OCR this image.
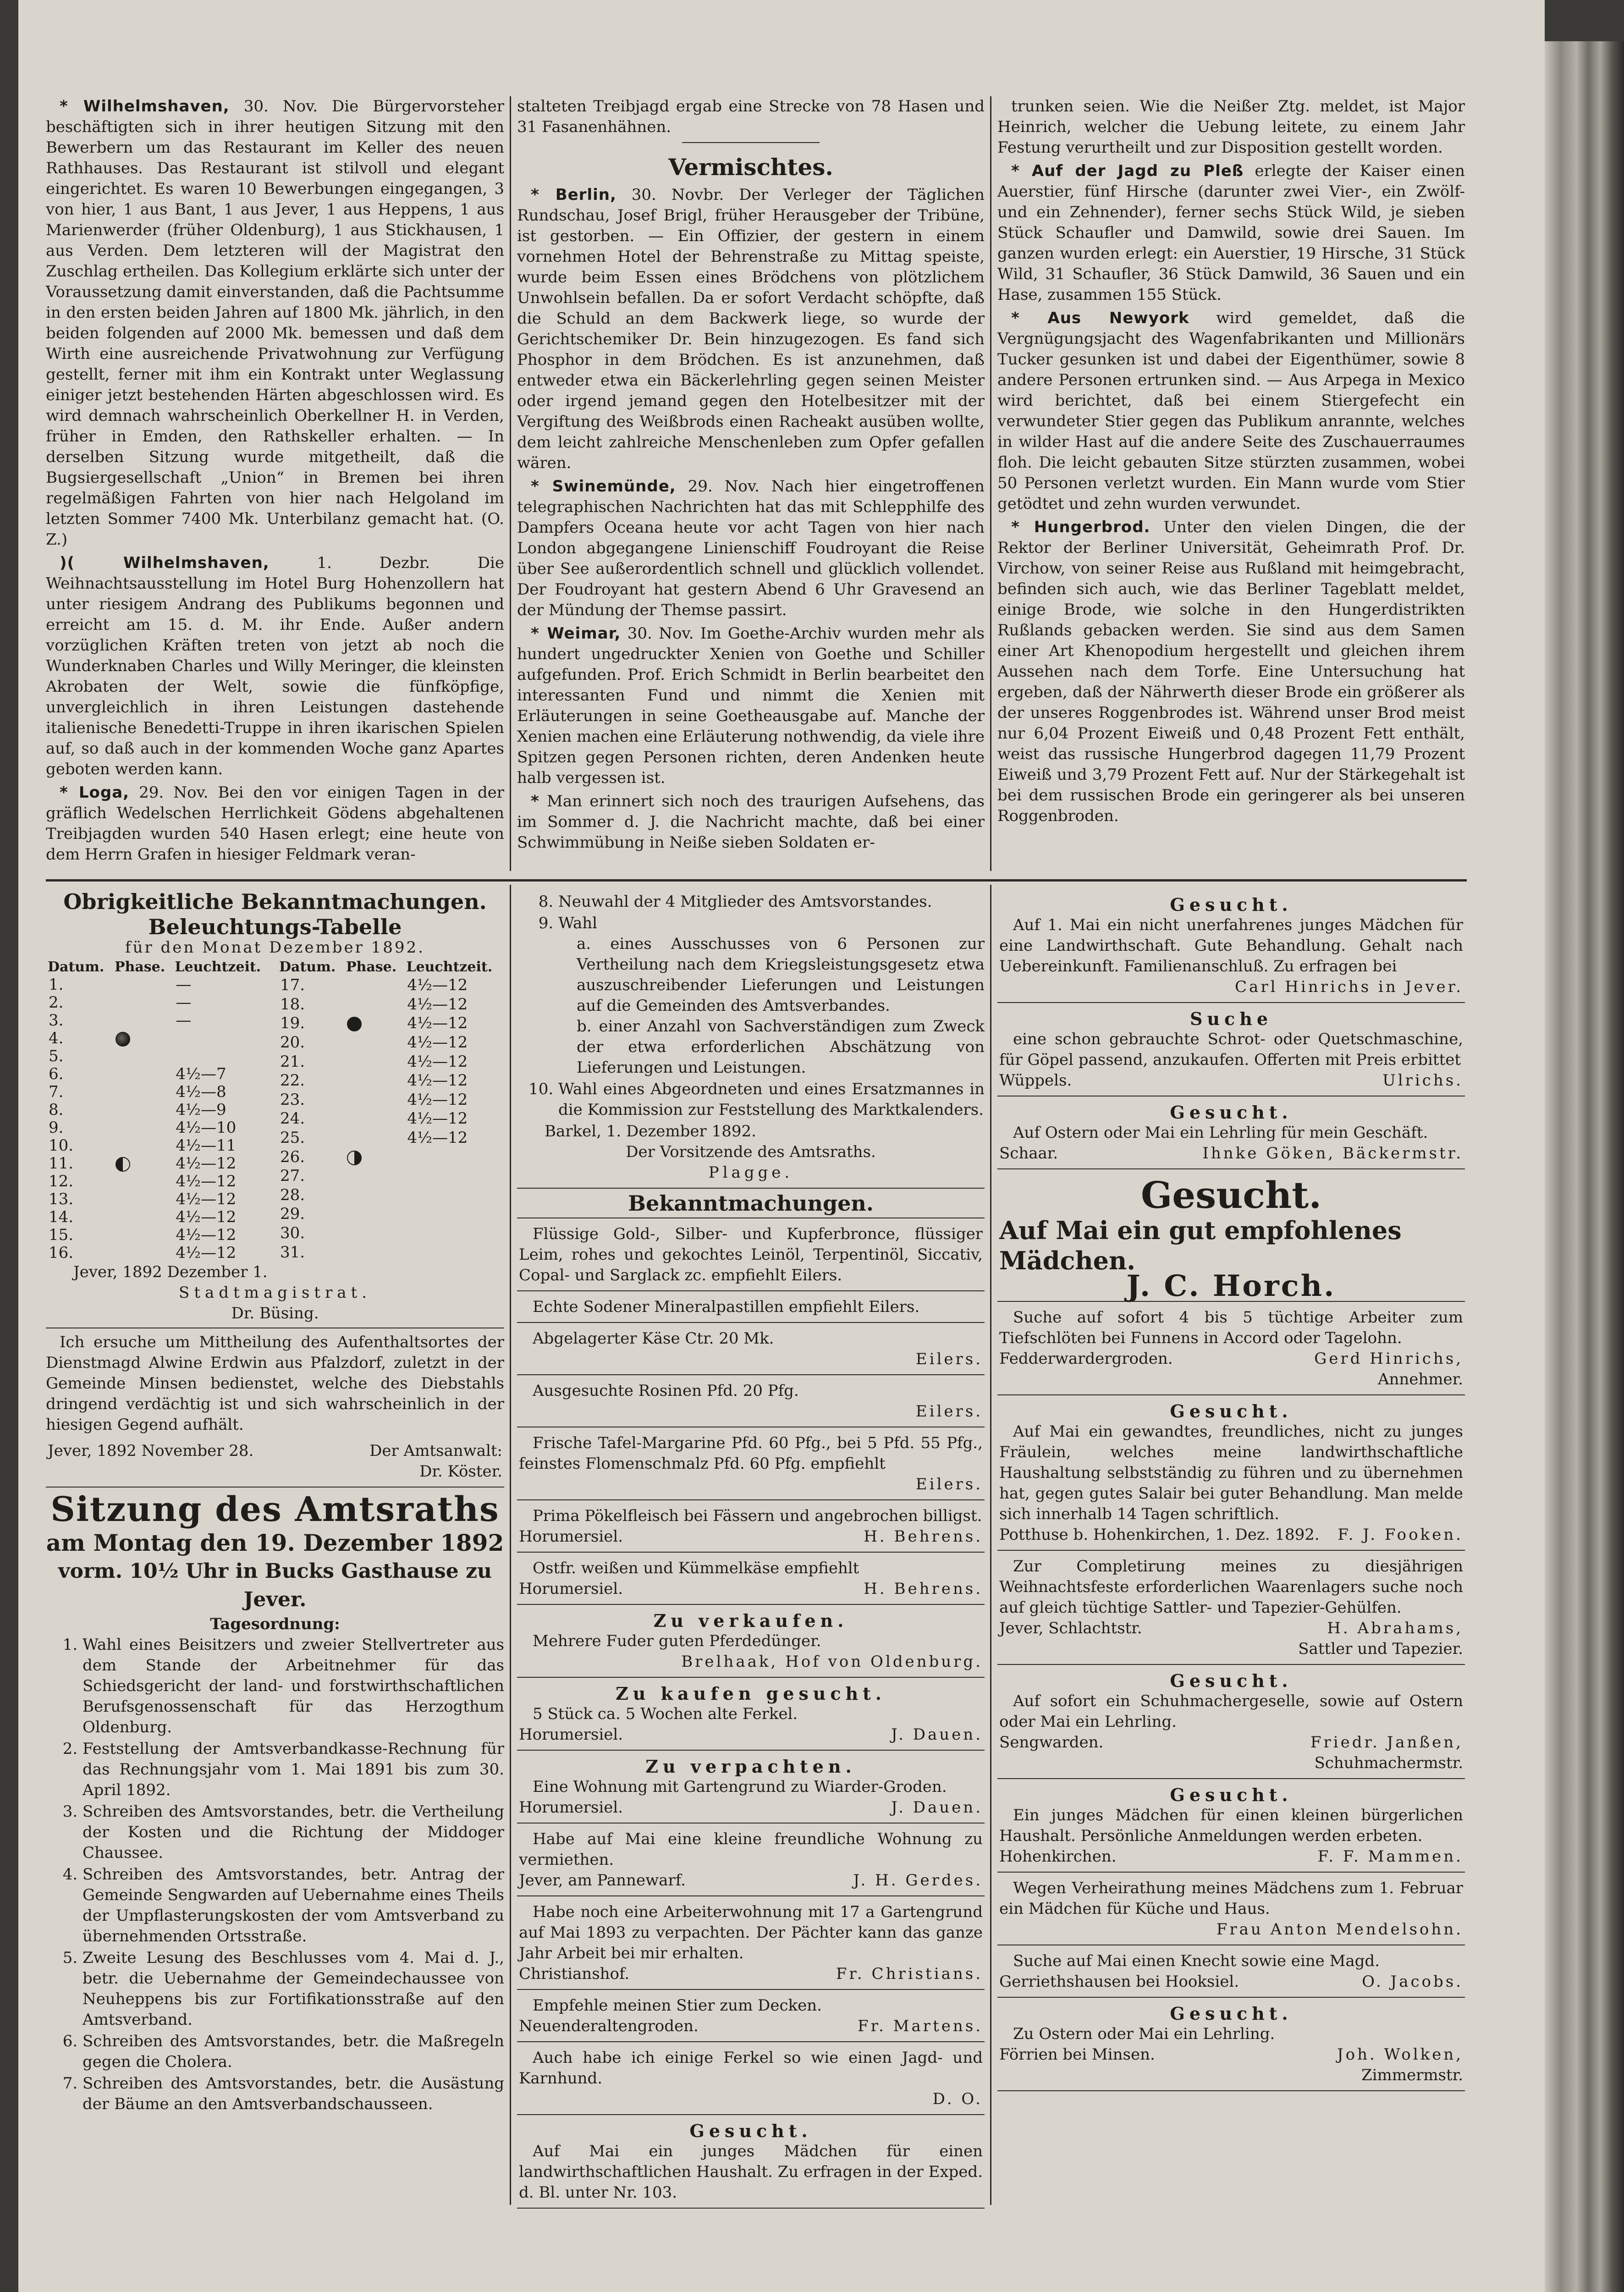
* Wilhelmshaven, 30. Nov. Die Bürgervorsteher beschäftigten sich in ihrer heutigen Sitzung mit den Bewerbern um das Restaurant im Keller des neuen Rathhauses. Das Restaurant ist stilvoll und elegant eingerichtet. Es waren 10 Bewerbungen eingegangen, 3 von hier, 1 aus Bant, 1 aus Jever, 1 aus Heppens, 1 aus Marienwerder (früher Oldenburg), 1 aus Stickhausen, 1 aus Verden. Dem letzteren will der Magistrat den Zuschlag ertheilen. Das Kollegium erklärte sich unter der Voraussetzung damit einverstanden, daß die Pachtsumme in den ersten beiden Jahren auf 1800 Mk. jährlich, in den beiden folgenden auf 2000 Mk. bemessen und daß dem Wirth eine ausreichende Privatwohnung zur Verfügung gestellt, ferner mit ihm ein Kontrakt unter Weglassung einiger jetzt bestehenden Härten abgeschlossen wird. Es wird demnach wahrscheinlich Oberkellner H. in Verden, früher in Emden, den Rathskeller erhalten. — In derselben Sitzung wurde mitgetheilt, daß die Bugsiergesellschaft „Union“ in Bremen bei ihren regelmäßigen Fahrten von hier nach Helgoland im letzten Sommer 7400 Mk. Unterbilanz gemacht hat. (O. Z.)

)( Wilhelmshaven,	1. Dezbr. Die Weihnachtsausstellung im Hotel Burg Hohenzollern hat unter riesigem Andrang des Publikums begonnen und erreicht am 15. d. M. ihr Ende. Außer andern vorzüglichen Kräften treten von jetzt ab noch die Wunderknaben Charles und Willy Meringer, die kleinsten Akrobaten der Welt, sowie die fünfköpfige, unvergleichlich in ihren Leistungen dastehende italienische Benedetti-Truppe in ihren ikarischen Spielen auf, so daß auch in der kommenden Woche ganz Apartes geboten werden kann.

* Loga, 29. Nov. Bei den vor einigen Tagen in der gräflich Wedelschen Herrlichkeit Gödens abgehaltenen Treibjagden wurden 540 Hasen erlegt; eine heute von dem Herrn Grafen in hiesiger Feldmark veran-

stalteten Treibjagd ergab eine Strecke von 78 Hasen und 31 Fasanenhähnen.

Vermischtes.

* Berlin, 30. Novbr. Der Verleger der Täglichen Rundschau, Josef Brigl, früher Herausgeber der Tribüne, ist gestorben. — Ein Offizier, der gestern in einem vornehmen Hotel der Behrenstraße zu Mittag speiste, wurde beim Essen eines Brödchens von plötzlichem Unwohlsein befallen. Da er sofort Verdacht schöpfte, daß die Schuld an dem Backwerk liege, so wurde der Gerichtschemiker Dr. Bein hinzugezogen. Es fand sich Phosphor in dem Brödchen. Es ist anzunehmen, daß entweder etwa ein Bäckerlehrling gegen seinen Meister oder irgend jemand gegen den Hotelbesitzer mit der Vergiftung des Weißbrods einen Racheakt ausüben wollte, dem leicht zahlreiche Menschenleben zum Opfer gefallen wären.

* Swinemünde, 29. Nov. Nach hier eingetroffenen telegraphischen Nachrichten hat das mit Schlepphilfe des Dampfers Oceana heute vor acht Tagen von hier nach London abgegangene Linienschiff Foudroyant die Reise über See außerordentlich schnell und glücklich vollendet. Der Foudroyant hat gestern Abend 6 Uhr Gravesend an der Mündung der Themse passirt.

* Weimar, 30. Nov. Im Goethe-Archiv wurden mehr als hundert ungedruckter Xenien von Goethe und Schiller aufgefunden. Prof. Erich Schmidt in Berlin bearbeitet den interessanten Fund und nimmt die Xenien mit Erläuterungen in seine Goetheausgabe auf. Manche der Xenien machen eine Erläuterung nothwendig, da viele ihre Spitzen gegen Personen richten, deren Andenken heute halb vergessen ist.

* Man erinnert sich noch des traurigen Aufsehens, das im Sommer d. J. die Nachricht machte, daß bei einer Schwimmübung in Neiße sieben Soldaten er-

trunken seien. Wie die Neißer Ztg. meldet, ist Major Heinrich, welcher die Uebung leitete, zu einem Jahr Festung verurtheilt und zur Disposition gestellt worden.

* Auf der Jagd zu Pleß erlegte der Kaiser einen Auerstier, fünf Hirsche (darunter zwei Vier-, ein Zwölf- und ein Zehnender), ferner sechs Stück Wild, je sieben Stück Schaufler und Damwild, sowie drei Sauen. Im ganzen wurden erlegt: ein Auerstier, 19 Hirsche, 31 Stück Wild, 31 Schaufler, 36 Stück Damwild, 36 Sauen und ein Hase, zusammen 155 Stück.

* Aus Newyork wird gemeldet, daß die Vergnügungsjacht des Wagenfabrikanten und Millionärs Tucker gesunken ist und dabei der Eigenthümer, sowie 8 andere Personen ertrunken sind. — Aus Arpega in Mexico wird berichtet, daß bei einem Stiergefecht ein verwundeter Stier gegen das Publikum anrannte, welches in wilder Hast auf die andere Seite des Zuschauerraumes floh. Die leicht gebauten Sitze stürzten zusammen, wobei 50 Personen verletzt wurden. Ein Mann wurde vom Stier getödtet und zehn wurden verwundet.

* Hungerbrod. Unter den vielen Dingen, die der Rektor der Berliner Universität, Geheimrath Prof. Dr. Virchow, von seiner Reise aus Rußland mit heimgebracht, befinden sich auch, wie das Berliner Tageblatt meldet, einige Brode, wie solche in den Hungerdistrikten Rußlands gebacken werden. Sie sind aus dem Samen einer Art Khenopodium hergestellt und gleichen ihrem Aussehen nach dem Torfe. Eine Untersuchung hat ergeben, daß der Nährwerth dieser Brode ein größerer als der unseres Roggenbrodes ist. Während unser Brod meist nur 6,04 Prozent Eiweiß und 0,48 Prozent Fett enthält, weist das russische Hungerbrod dagegen 11,79 Prozent Eiweiß und 3,79 Prozent Fett auf. Nur der Stärkegehalt ist bei dem russischen Brode ein geringerer als bei unseren Roggenbroden.

Obrigkeitliche Bekanntmachungen.
Beleuchtungs-Tabelle
für den Monat Dezember 1892.
Datum.	Phase.	Leuchtzeit.
1.		—
2.		—
3.		—
4.		
5.		
6.		4½—7
7.		4½—8
8.		4½—9
9.		4½—10
10.		4½—11
11.		4½—12
12.		4½—12
13.		4½—12
14.		4½—12
15.		4½—12
16.		4½—12
Datum.	Phase.	Leuchtzeit.
17.		4½—12
18.		4½—12
19.		4½—12
20.		4½—12
21.		4½—12
22.		4½—12
23.		4½—12
24.		4½—12
25.		4½—12
26.		
27.		
28.		
29.		
30.		
31.		
Jever, 1892 Dezember 1.
Stadtmagistrat.
Dr. Büsing.

Ich ersuche um Mittheilung des Aufenthaltsortes der Dienstmagd Alwine Erdwin aus Pfalzdorf, zuletzt in der Gemeinde Minsen bedienstet, welche des Diebstahls dringend verdächtig ist und sich wahrscheinlich in der hiesigen Gegend aufhält.

Jever, 1892 November 28.	Der Amtsanwalt:
Dr. Köster.
Sitzung des Amtsraths
am Montag den 19. Dezember 1892
vorm. 10½ Uhr in Bucks Gasthause zu Jever.
Tagesordnung:
1. Wahl eines Beisitzers und zweier Stellvertreter aus dem Stande der Arbeitnehmer für das Schiedsgericht der land- und forstwirthschaftlichen Berufsgenossenschaft für das Herzogthum Oldenburg.
2. Feststellung der Amtsverbandkasse-Rechnung für das Rechnungsjahr vom 1. Mai 1891 bis zum 30. April 1892.
3. Schreiben des Amtsvorstandes, betr. die Vertheilung der Kosten und die Richtung der Middoger Chaussee.
4. Schreiben des Amtsvorstandes, betr. Antrag der Gemeinde Sengwarden auf Uebernahme eines Theils der Umpflasterungskosten der vom Amtsverband zu übernehmenden Ortsstraße.
5. Zweite Lesung des Beschlusses vom 4. Mai d. J., betr. die Uebernahme der Gemeindechaussee von Neuheppens bis zur Fortifikationsstraße auf den Amtsverband.
6. Schreiben des Amtsvorstandes, betr. die Maßregeln gegen die Cholera.
7. Schreiben des Amtsvorstandes, betr. die Ausästung der Bäume an den Amtsverbandschausseen.
8. Neuwahl der 4 Mitglieder des Amtsvorstandes.
9. Wahl
a. eines Ausschusses von 6 Personen zur Vertheilung nach dem Kriegsleistungsgesetz etwa auszuschreibender Lieferungen und Leistungen auf die Gemeinden des Amtsverbandes.
b. einer Anzahl von Sachverständigen zum Zweck der etwa erforderlichen Abschätzung von Lieferungen und Leistungen.
10. Wahl eines Abgeordneten und eines Ersatzmannes in die Kommission zur Feststellung des Marktkalenders.
Barkel, 1. Dezember 1892.
Der Vorsitzende des Amtsraths.
Plagge.
Bekanntmachungen.
Flüssige Gold-, Silber- und Kupferbronce, flüssiger Leim, rohes und gekochtes Leinöl, Terpentinöl, Siccativ, Copal- und Sarglack zc. empfiehlt Eilers.
Echte Sodener Mineralpastillen empfiehlt Eilers.
Abgelagerter Käse Ctr. 20 Mk.
Eilers.
Ausgesuchte Rosinen Pfd. 20 Pfg.
Eilers.
Frische Tafel-Margarine Pfd. 60 Pfg., bei 5 Pfd. 55 Pfg., feinstes Flomenschmalz Pfd. 60 Pfg. empfiehlt
Eilers.
Prima Pökelfleisch bei Fässern und angebrochen billigst.
Horumersiel.	H. Behrens.
Ostfr. weißen und Kümmelkäse empfiehlt
Horumersiel.	H. Behrens.
Zu verkaufen.
Mehrere Fuder guten Pferdedünger.
Brelhaak, Hof von Oldenburg.
Zu kaufen gesucht.
5 Stück ca. 5 Wochen alte Ferkel.
Horumersiel.	J. Dauen.
Zu verpachten.
Eine Wohnung mit Gartengrund zu Wiarder-Groden.
Horumersiel.	J. Dauen.
Habe auf Mai eine kleine freundliche Wohnung zu vermiethen.
Jever, am Pannewarf.	J. H. Gerdes.
Habe noch eine Arbeiterwohnung mit 17 a Gartengrund auf Mai 1893 zu verpachten. Der Pächter kann das ganze Jahr Arbeit bei mir erhalten.
Christianshof.	Fr. Christians.
Empfehle meinen Stier zum Decken.
Neuenderaltengroden.	Fr. Martens.
Auch habe ich einige Ferkel so wie einen Jagd- und Karnhund.
D. O.
Gesucht.
Auf Mai ein junges Mädchen für einen landwirthschaftlichen Haushalt. Zu erfragen in der Exped. d. Bl. unter Nr. 103.
Gesucht.
Auf 1. Mai ein nicht unerfahrenes junges Mädchen für eine Landwirthschaft. Gute Behandlung. Gehalt nach Uebereinkunft. Familienanschluß. Zu erfragen bei
Carl Hinrichs in Jever.
Suche
eine schon gebrauchte Schrot- oder Quetschmaschine, für Göpel passend, anzukaufen. Offerten mit Preis erbittet
Wüppels.	Ulrichs.
Gesucht.
Auf Ostern oder Mai ein Lehrling für mein Geschäft.
Schaar.	Ihnke Göken, Bäckermstr.
Gesucht.
Auf Mai ein gut empfohlenes Mädchen.
J. C. Horch.
Suche auf sofort 4 bis 5 tüchtige Arbeiter zum Tiefschlöten bei Funnens in Accord oder Tagelohn.
Fedderwardergroden.	Gerd Hinrichs,
Annehmer.
Gesucht.
Auf Mai ein gewandtes, freundliches, nicht zu junges Fräulein, welches meine landwirthschaftliche Haushaltung selbstständig zu führen und zu übernehmen hat, gegen gutes Salair bei guter Behandlung. Man melde sich innerhalb 14 Tagen schriftlich.
Potthuse b. Hohenkirchen, 1. Dez. 1892. F. J. Fooken.
Zur Completirung meines zu diesjährigen Weihnachtsfeste erforderlichen Waarenlagers suche noch auf gleich tüchtige Sattler- und Tapezier-Gehülfen.
Jever, Schlachtstr.	H. Abrahams,
Sattler und Tapezier.
Gesucht.
Auf sofort ein Schuhmachergeselle, sowie auf Ostern oder Mai ein Lehrling.
Sengwarden.	Friedr. Janßen,
Schuhmachermstr.
Gesucht.
Ein junges Mädchen für einen kleinen bürgerlichen Haushalt. Persönliche Anmeldungen werden erbeten.
Hohenkirchen.	F. F. Mammen.
Wegen Verheirathung meines Mädchens zum 1. Februar ein Mädchen für Küche und Haus.
Frau Anton Mendelsohn.
Suche auf Mai einen Knecht sowie eine Magd.
Gerriethshausen bei Hooksiel.	O. Jacobs.
Gesucht.
Zu Ostern oder Mai ein Lehrling.
Förrien bei Minsen.	Joh. Wolken,
Zimmermstr.
